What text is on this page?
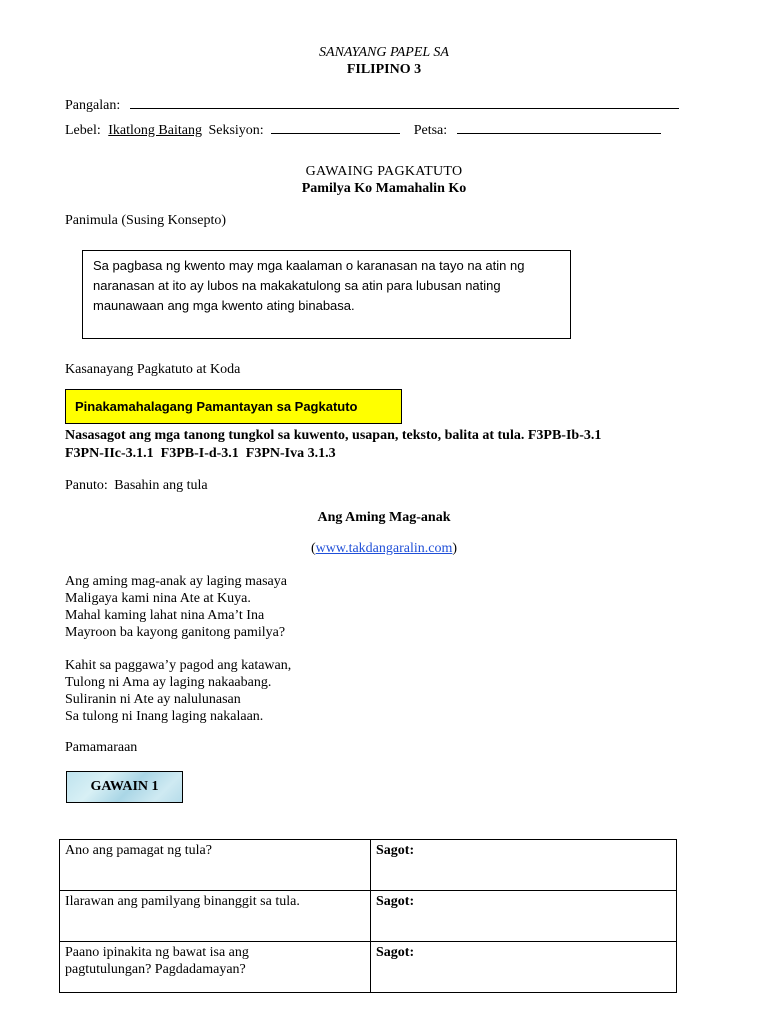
SANAYANG PAPEL SA
FILIPINO 3
Pangalan:
Lebel: Ikatlong Baitang Seksiyon:	Petsa:
GAWAING PAGKATUTO
Pamilya Ko Mamahalin Ko
Panimula (Susing Konsepto)
Sa pagbasa ng kwento may mga kaalaman o karanasan na tayo na atin ng
naranasan at ito ay lubos na makakatulong sa atin para lubusan nating
maunawaan ang mga kwento ating binabasa.
Kasanayang Pagkatuto at Koda
Pinakamahalagang Pamantayan sa Pagkatuto
Nasasagot ang mga tanong tungkol sa kuwento, usapan, teksto, balita at tula. F3PB-Ib-3.1
F3PN-IIc-3.1.1  F3PB-I-d-3.1  F3PN-Iva 3.1.3
Panuto: Basahin ang tula
Ang Aming Mag-anak
(www.takdangaralin.com)
Ang aming mag-anak ay laging masaya
Maligaya kami nina Ate at Kuya.
Mahal kaming lahat nina Ama’t Ina
Mayroon ba kayong ganitong pamilya?
Kahit sa paggawa’y pagod ang katawan,
Tulong ni Ama ay laging nakaabang.
Suliranin ni Ate ay nalulunasan
Sa tulong ni Inang laging nakalaan.
Pamamaraan
GAWAIN 1
Ano ang pamagat ng tula?	Sagot:
Ilarawan ang pamilyang binanggit sa tula.	Sagot:

Paano ipinakita ng bawat isa ang
pagtutulungan? Pagdadamayan?	Sagot:
